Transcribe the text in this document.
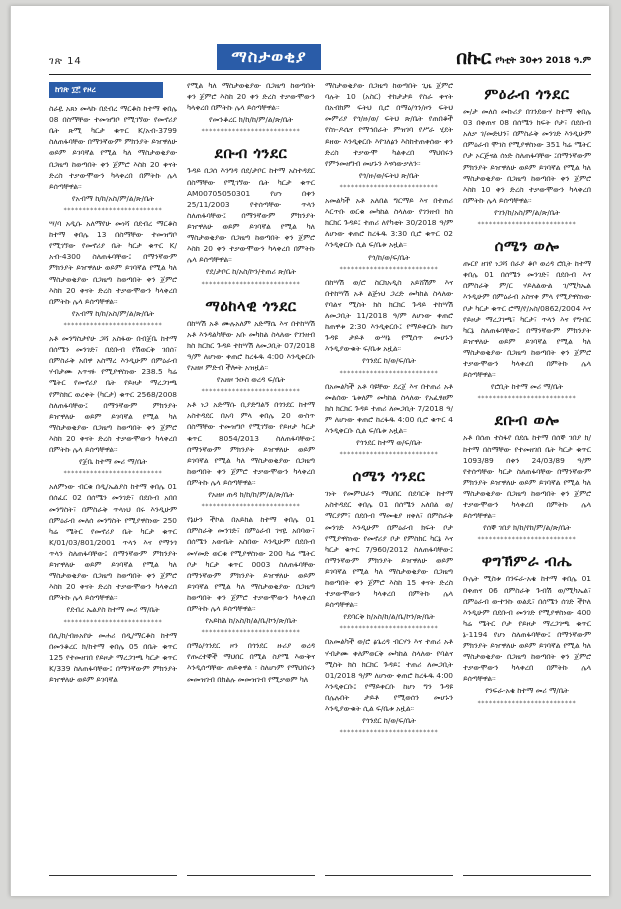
ገጽ 14	ማስታወቂያ	በኩር የካቲት 30ቀን 2018 ዓ.ም
ከገጽ ፲፫ የዞረ
ስራዬ አጸነ መላኩ በደብረ ማርቆስ ከተማ ቀበሌ 08 በስማቸው ተመዝግቦ የሚገኘው የመኖሪያ ቤት ጽሚ ካርታ ቁጥር K/አብ-3799 ስለጠፋባቸው በማንኛውም ምክንያት ይዠዋለሁ ወይም ይገባኛል የሚል ካለ ማስታወቂያው በጋዜጣ ከወጣበት ቀን ጀምሮ እስከ 20 ቀናት ድረስ ተቃውሞውን ካላቀረበ በምትኩ ሌላ ይሰጣቸዋል።
የአብማ ከ/ከ/አስ/ም/ል/ጽ/ቤት
**************************
ሣ/ባ አዲሱ አለማየሁ መነሻ በደብረ ማርቆስ ከተማ ቀበሌ 13 በስማቸው ተመዝግቦ የሚገኘው የመኖሪያ ቤት ካርታ ቁጥር K/አብ-4300 ስለጠፋባቸው፤ በማንኛውም ምክንያት ይዠዋለሁ ወይም ይገባኛል የሚል ካለ ማስታወቂያው በጋዜጣ ከወጣበት ቀን ጀምሮ እስከ 20 ቀናት ድረስ ተቃውሞውን ካላቀረበ በምትኩ ሌላ ይሰጣቸዋል።
የአብማ ከ/ከ/አስ/ም/ል/ጽ/ቤት
**************************
አቶ መንግስታየሁ ጋሻ አስፋው በብጀቤ ከተማ በሰሜን መንገድ፣ በደቡብ የሽወርቅ ገበሰ፣ በምስራቅ አበዋ አስማረ እንዲሁም በምዕራብ ሃብታሙ አጥናፉ የሚያዋስነው 238.5 ካሬ ሜትር የመኖሪያ ቤት የይዞታ ማረጋገጫ የምስክር ወረቀት (ካርታ) ቁጥር 2568/2008 ስለጠፋባቸው፤ በማንኛውም ምክንያት ይዠዋለሁ ወይም ይገባኛል የሚል ካለ ማስታወቂያው በጋዜጣ ከወጣበት ቀን ጀምሮ እስከ 20 ቀናት ድረስ ተቃውሞውን ካላቀረበ በምትኩ ሌላ ይሰጣቸዋል።
የጀቤ ከተማ መሪ ማ/ቤት
**************************
አለምነው ብርቁ በዲ/ኤልያስ ከተማ ቀበሌ 01 በሰፈር 02 በሰሜን መንገድ፣ በደቡብ አበበ መንግስት፣ በምስራቅ ጥላነህ በሩ እንዲሁም በምዕራብ መለሰ መንግስት የሚያዋስነው 250 ካሬ ሜትር የመኖሪያ ቤት ካርታ ቁጥር K/01/03/801/2001 ጥላን እና የማንጎ ጥላን ስለጠፋባቸው፤ በማንኛውም ምክንያት ይዠዋለሁ ወይም ይገባኛል የሚል ካለ ማስታወቂያው በጋዜጣ ከወጣበት ቀን ጀምሮ እስከ 20 ቀናት ድረስ ተቃውሞውን ካላቀረበ በምትኩ ሌላ ይሰጣቸዋል።
የደብረ ኤልያስ ከተማ መሪ ማ/ቤት
**************************
በሊ/ከ/ብዙአየሁ መሐሪ በዲ/ማርቆስ ከተማ በመንቆረር ክ/ከተማ ቀበሌ 05 በቤት ቁጥር 125 የተመዘገበ የይዞታ ማረጋገጫ ካርታ ቁጥር K/339 ስለጠፋባቸው፤ በማንኛውም ምክንያት ይዠዋለሁ ወይም ይገባኛል
የሚል ካለ ማስታወቂያው በጋዜጣ ከወጣበት ቀን ጀምሮ እስከ 20 ቀን ድረስ ተቃውሞውን ካላቀረበ በምትኩ ሌላ ይሰጣቸዋል።
የመንቆረር ክ/ከ/ከ/ም/ል/ጽ/ቤት
**************************
ደቡብ ጎንደር
ጉዳይ በጋሰ እንግዳ በደ/ታቦር ከተማ አስተዳደር በስማቸው የሚገኘው ቤት ካርታ ቁጥር AM00705050301 የሆነ በቀን 25/11/2003 የተሰጣቸው ጥላን ስለጠፋባቸው፤ በማንኛውም ምክንያት ይዠዋለሁ ወይም ይገባኛል የሚል ካለ ማስታወቂያው በጋዜጣ ከወጣበት ቀን ጀምሮ እስከ 20 ቀን ተቃውሞውን ካላቀረበ በምትኩ ሌላ ይሰጣቸዋል።
የደ/ታቦር ከ/አስ/ኮን/ተጠሪ ጽ/ቤት
**************************
ማዕከላዊ ጎንደር
በከሣሽ አቶ ሙሉአለም አድማሴ እና በተከሣሽ አቶ እንዳልካቸው አቡ መካከል ስላለው የገንዘብ ክስ ክርክር ጉዳይ ተከሣሽ ለመጋቢት 07/2018 ዓ/ም ለሆነው ቀጠሮ ከረፋዱ 4:00 እንዲቀርቡ የአዘዞ ምድብ ችሎት አዝዟል።
የአዘዞ ንዑስ ወረዳ ፍ/ቤት
**************************
አቶ ነጋ አድማሱ ቢያድግልኝ በጎንደር ከተማ አስተዳደር በአባ ምላ ቀበሌ 20 ውስጥ በስማቸው ተመዝግቦ የሚገኘው የይዞታ ካርታ ቁጥር 8054/2013 ስለጠፋባቸው፤ በማንኛውም ምክንያት ይዠዋለሁ ወይም ይገባኛል የሚል ካለ ማስታወቂያው በጋዜጣ ከወጣበት ቀን ጀምሮ ተቃውሞውን ካላቀረበ በምትኩ ሌላ ይሰጣቸዋል።
የአዘዞ ጠዳ ክ/ከ/ከ/ም/ል/ጽ/ቤት
**************************
የኔሁን ችኮል በአይከል ከተማ ቀበሌ 01 በምስራቅ መንገድ፣ በምዕራብ ገናዬ አበባው፣ በሰሜን አውቤት አስበው እንዲሁም በደቡብ መሃመድ ወርቁ የሚያዋስነው 200 ካሬ ሜትር ቦታ ካርታ ቁጥር 0003 ስለጠፋባቸው በማንኛውም ምክንያት ይዠዋለሁ ወይም ይገባኛል የሚል ካለ ማስታወቂያው በጋዜጣ ከወጣበት ቀን ጀምሮ ተቃውሞውን ካላቀረበ በምትኩ ሌላ ይሰጣቸዋል።
የአይከል ከ/አስ/ከ/ል/ቤ/ኮን/ጽ/ቤት
**************************
በማዕ/ጎንደር ዞን በጎንደር ዙሪያ ወረዳ የጡረተኞች ማህበር በሚል ስያሜ እውቅና እንዲሰጣቸው ጠይቀዋል ፡ ስለሆነም የማህበሩን መመዝገብ በክልሉ መመዝገብ የሚቃወም ካለ
ማስታወቂያው በጋዜጣ ከወጣበት ጊዜ ጀምሮ ባሉት 10 (አስር) ተከታታይ የስራ ቀናት በአብክም ፍትህ ቢሮ በማዕ/ጎን/ዞን ፍትህ መምሪያ የጎ/ዙ/ወ/ ፍትህ ጽ/ቤት የጠበቆች የስነ-ዶሴና የማኅበራት ምዝገባ የሥራ ሂደት ይዘው እንዲቀርቡ እየገለፅን እስከተጠቀሰው ቀን ድረስ ተቃውሞ ካልቀረበ ማህበሩን የምንመዘግብ መሆኑን እናሳውቃለን።
የጎ/ዙ/ወ/ፍትህ ጽ/ቤት
**************************
አመልካች አቶ አለበል ግርማይ እና በተጠሪ እርጥቡ ወርቁ መካከል ስላለው የገንዘብ ክስ ክርክር ጉዳይ፤ ተጠሪ ለየካቲት 30/2018 ዓ/ም ለሆነው ቀጠሮ ከረፋዱ 3:30 ቢሮ ቁጥር 02 እንዲቀርቡ ሲል ፍ/ቤቱ አዟል።
የጎ/ከ/ወ/ፍ/ቤት
**************************
በከሣሽ ወ/ሮ ስርክአዲስ አይሸሽም እና በተከሣሽ አቶ ልጅነህ ጋረድ መካከል ስላለው የባልና ሚስት ክስ ክርክር ጉዳይ ተከሣሽ ለመጋቢት 11/2018 ዓ/ም ለሆነው ቀጠሮ ከጠዋቱ 2:30 እንዲቀርቡ፤ የማይቀርቡ ከሆነ ጉዳዩ ታይቶ ውሣኔ የሚሰጥ መሆኑን እንዲያውቁት ፍ/ቤቱ አዟል።
የጎንደር ከ/ወ/ፍ/ቤት
**************************
በአመልካች አቶ ባዩቸው ደረጀ እና በተጠሪ አቶ መልሰው ጌቱለም መካከል ስላለው የአፈፃፀም ክስ ክርክር ጉዳይ ተጠሪ ለመጋቢት 7/2018 ዓ/ም ለሆነው ቀጠሮ ከረፋዱ 4:00 ቢሮ ቁጥር 4 እንዲቀርቡ ሲል ፍ/ቤቱ አዟል።
የጎንደር ከተማ ወ/ፍ/ቤት
**************************
ሰሜን ጎንደር
ገነት የመምህራን ማህበር በደባርቅ ከተማ አስተዳደር ቀበሌ 01 በሰሜን አለበል ወ/ማርያም፣ በደቡብ ማመቂያ ዘቀለ፣ በምስራቅ መንገድ እንዲሁም በምዕራብ ክፍት ቦታ የሚያዋስነው የመኖሪያ ቦታ የምስክር ካርኔ እና ካርታ ቁጥር 7/960/2012 ስለጠፋባቸው፤ በማንኛውም ምክንያት ይዠዋለሁ ወይም ይገባኛል የሚል ካለ ማስታወቂያው በጋዜጣ ከወጣበት ቀን ጀምሮ እስከ 15 ቀናት ድረስ ተቃውሞውን ካላቀረበ በምትኩ ሌላ ይሰጣቸዋል።
የደባርቅ ከ/አስ/ከ/ል/ቤ/ኮን/ጽ/ቤት
**************************
በአመልካች ወ/ሮ ፅጌረዳ ብርሃን እና ተጠሪ አቶ ሃብታሙ ቀለምወርቅ መካከል ስላለው የባልና ሚስት ክስ ክርክር ጉዳይ፤ ተጠሪ ለመጋቢት 01/2018 ዓ/ም ለሆነው ቀጠሮ ከረፋዱ 4:00 እንዲቀርቡ፤ የማይቀርቡ ከሆነ ግን ጉዳዩ በሌሉበት ታይቶ የሚወሰን መሆኑን እንዲያውቁት ሲል ፍ/ቤቱ አዟል።
የጎንደር ከ/ወ/ፍ/ቤት
**************************
ምዕራብ ጎንደር
መ/ታ መለሰ መኩሪያ በገንደውሃ ከተማ ቀበሌ 03 በቀጠና 08 በሰሜን ክፍት ቦታ፣ በደቡብ አለቃ ገ/መድህን፣ በምስራቅ መንገድ እንዲሁም በምዕራብ ሞገስ የሚያዋስነው 351 ካሬ ሜትር ቦታ ኦርጅናል ሰነድ ስለጠፋባቸው ፤በማንኛውም ምክንያት ይዠዋለሁ ወይም ይገባኛል የሚል ካለ ማስታወቂያው በጋዜጣ ከወጣበት ቀን ጀምሮ እስከ 10 ቀን ድረስ ተቃውሞውን ካላቀረበ በምትኩ ሌላ ይሰጣቸዋል።
የገን/ከ/አስ/ም/ል/ጽ/ቤት
**************************
ሰሜን ወሎ
ጡርየ ዘገየ ነጋሻ በራያ ቆቦ ወረዳ ሮቢት ከተማ ቀበሌ 01 በሰሜን መንገድ፣ በደቡብ እና በምስራቅ ም/ር ሃይለልውል ገ/ሚካኤል እንዲሁም በምዕራብ አስናቀ ምላ የሚያዋስነው ቦታ ካርታ ቁጥር ሮማ/የ/አስ/0862/2004 እና የይዞታ ማረጋገጫ፣ ካርታ፣ ጥላን እና የግብር ካርኔ ስለጠፋባቸው፤ በማንኛውም ምክንያት ይዠዋለሁ ወይም ይገባኛል የሚል ካለ ማስታወቂያው በጋዜጣ ከወጣበት ቀን ጀምሮ ተቃውሞውን ካላቀረበ በምትኩ ሌላ ይሰጣቸዋል።
የሮቢት ከተማ መሪ ማ/ቤት
**************************
ደቡብ ወሎ
አቶ በሰጠ ተስፋየ በደሴ ከተማ በሰኞ ገበያ ክ/ከተማ በስማቸው የተመዘገበ ቤት ካርታ ቁጥር 1093/89 በቀን 24/03/89 ዓ/ም የተሰጣቸው ካርታ ስለጠፋባቸው በማንኛውም ምክንያት ይዠዋለሁ ወይም ይገባኛል የሚል ካለ ማስታወቂያው በጋዜጣ ከወጣበት ቀን ጀምሮ ተቃውሞውን ካላቀረበ በምትኩ ሌላ ይሰጣቸዋል።
የሰኞ ገበያ ክ/ከ/የከ/ም/ል/ጽ/ቤት
**************************
ዋግኽምራ ብሔ
ቡሌት ሚስቱ በንፍራ-አቄ ከተማ ቀበሌ 01 በቀጠና 06 በምስራቅ ጉብሽ ወ/ሚካኤል፣ በምዕራብ ውተንኩ ወልዴ፣ በሰሜን ሰገድ ችኮለ እንዲሁም በደቡብ መንገድ የሚያዋስነው 400 ካሬ ሜትር ቦታ የይዞታ ማረጋገጫ ቁጥር ኔ-1194 የሆነ ስለጠፋባቸው፤ በማንኛውም ምክንያት ይዠዋለሁ ወይም ይገባኛል የሚል ካለ ማስታወቂያው በጋዜጣ ከወጣበት ቀን ጀምሮ ተቃውሞውን ካላቀረበ በምትኩ ሌላ ይሰጣቸዋል።
የንፍራ-አቄ ከተማ መሪ ማ/ቤት
**************************
